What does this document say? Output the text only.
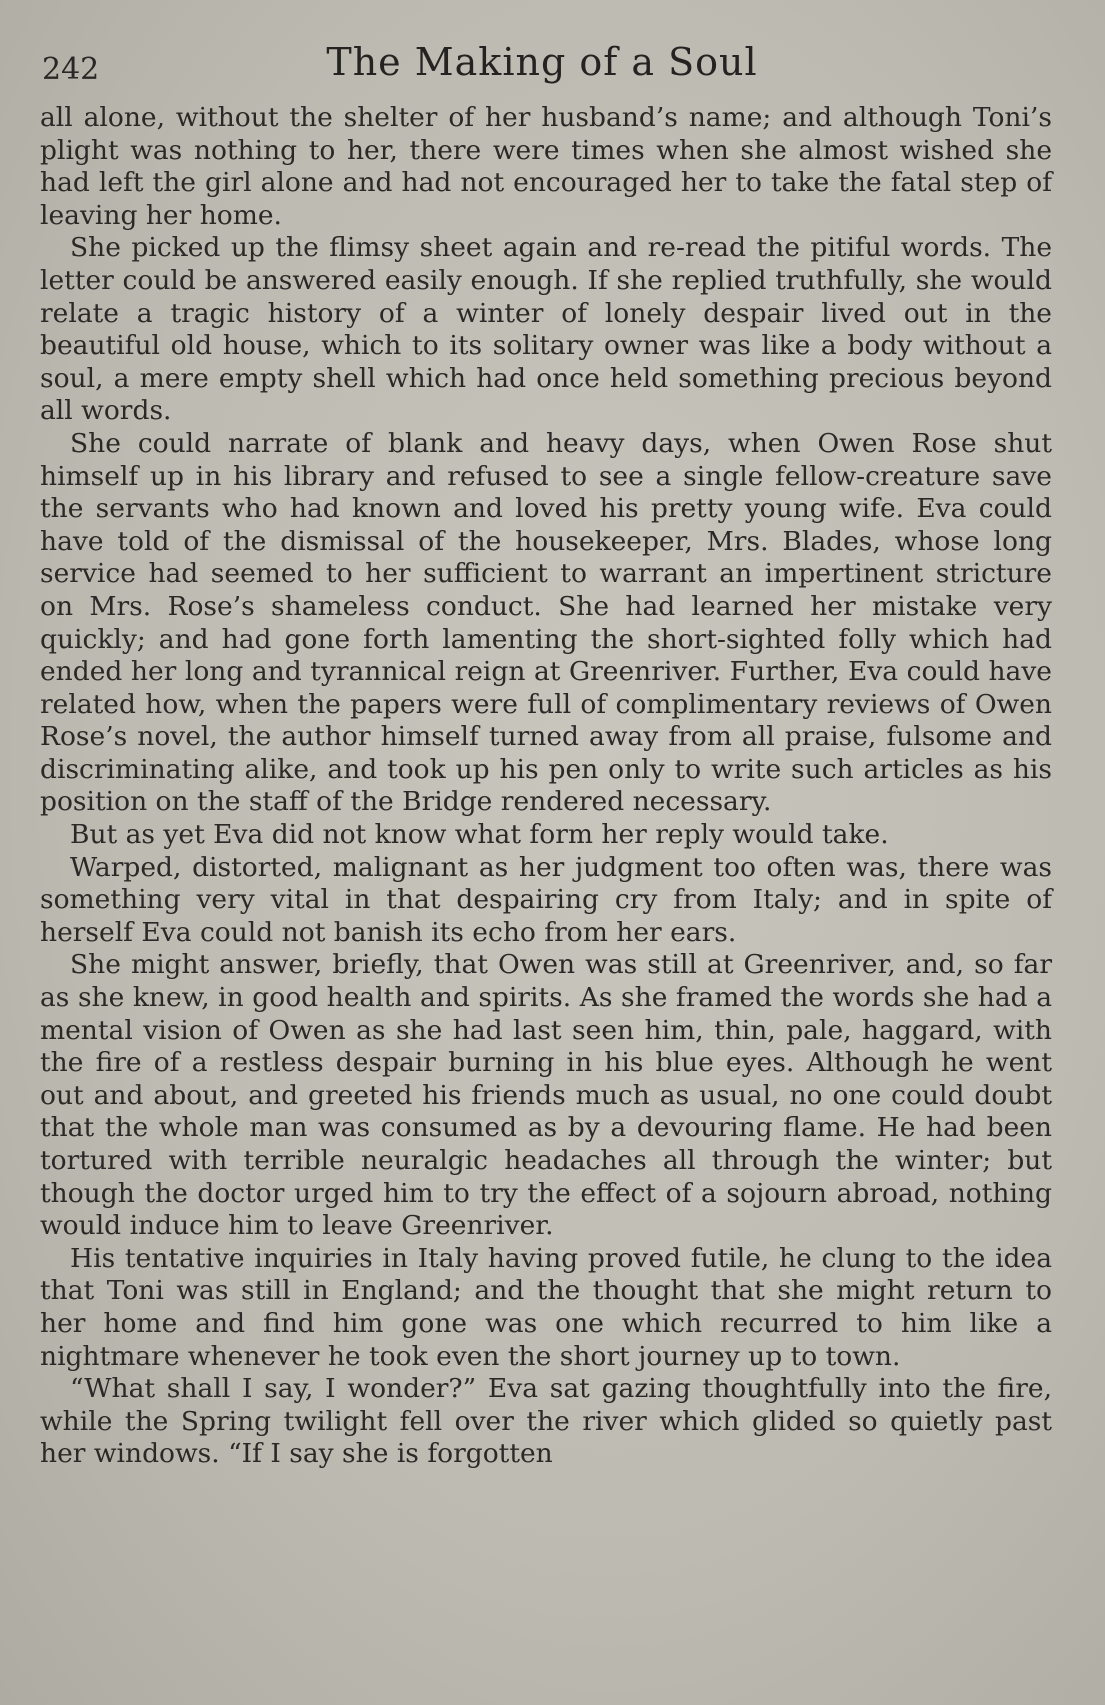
242	The Making of a Soul

all alone, without the shelter of her husband’s name; and although Toni’s plight was nothing to her, there were times when she almost wished she had left the girl alone and had not encouraged her to take the fatal step of leaving her home.

She picked up the flimsy sheet again and re-read the pitiful words. The letter could be answered easily enough. If she replied truthfully, she would relate a tragic history of a winter of lonely despair lived out in the beautiful old house, which to its solitary owner was like a body without a soul, a mere empty shell which had once held something precious beyond all words.

She could narrate of blank and heavy days, when Owen Rose shut himself up in his library and refused to see a single fellow-creature save the servants who had known and loved his pretty young wife. Eva could have told of the dismissal of the housekeeper, Mrs. Blades, whose long service had seemed to her sufficient to warrant an impertinent stricture on Mrs. Rose’s shameless conduct. She had learned her mistake very quickly; and had gone forth lamenting the short-sighted folly which had ended her long and tyrannical reign at Greenriver. Further, Eva could have related how, when the papers were full of complimentary reviews of Owen Rose’s novel, the author himself turned away from all praise, fulsome and discriminating alike, and took up his pen only to write such articles as his position on the staff of the Bridge rendered necessary.

But as yet Eva did not know what form her reply would take.

Warped, distorted, malignant as her judgment too often was, there was something very vital in that despairing cry from Italy; and in spite of herself Eva could not banish its echo from her ears.

She might answer, briefly, that Owen was still at Greenriver, and, so far as she knew, in good health and spirits. As she framed the words she had a mental vision of Owen as she had last seen him, thin, pale, haggard, with the fire of a restless despair burning in his blue eyes. Although he went out and about, and greeted his friends much as usual, no one could doubt that the whole man was consumed as by a devouring flame. He had been tortured with terrible neuralgic headaches all through the winter; but though the doctor urged him to try the effect of a sojourn abroad, nothing would induce him to leave Greenriver.

His tentative inquiries in Italy having proved futile, he clung to the idea that Toni was still in England; and the thought that she might return to her home and find him gone was one which recurred to him like a nightmare whenever he took even the short journey up to town.

“What shall I say, I wonder?” Eva sat gazing thoughtfully into the fire, while the Spring twilight fell over the river which glided so quietly past her windows. “If I say she is forgotten
